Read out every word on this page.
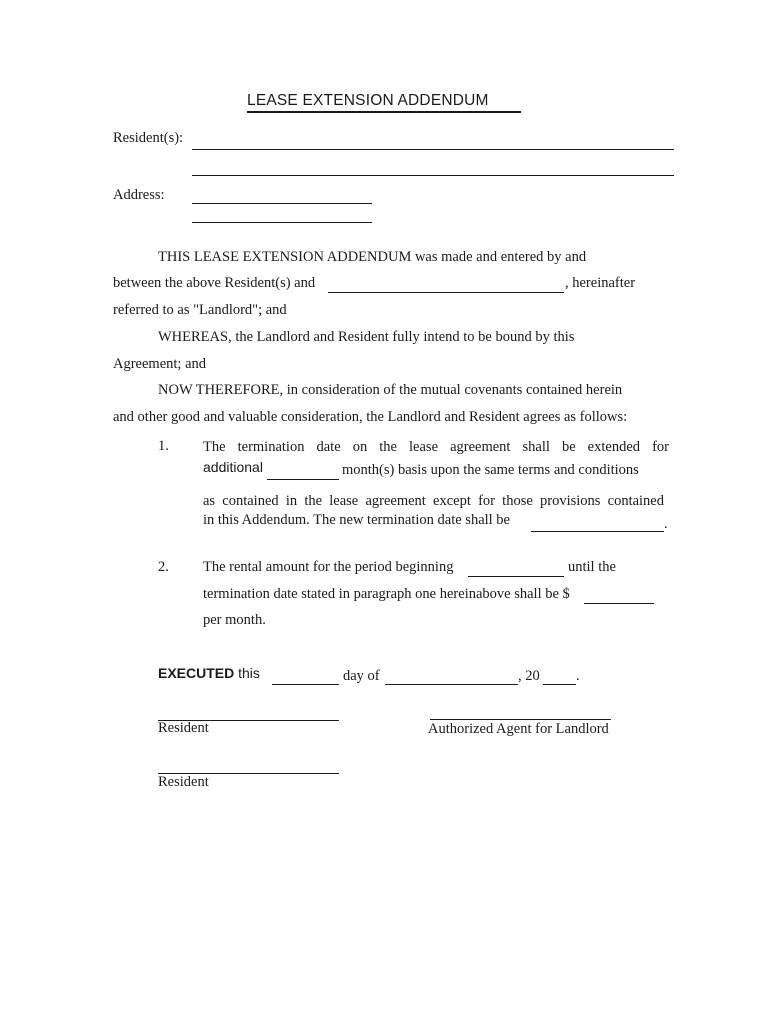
LEASE EXTENSION ADDENDUM
Resident(s):
Address:
THIS LEASE EXTENSION ADDENDUM was made and entered by and
between the above Resident(s) and	, hereinafter
referred to as "Landlord"; and
WHEREAS, the Landlord and Resident fully intend to be bound by this
Agreement; and
NOW THEREFORE, in consideration of the mutual covenants contained herein
and other good and valuable consideration, the Landlord and Resident agrees as follows:
1. The termination date on the lease agreement shall be extended for
additional	month(s) basis upon the same terms and conditions
as contained in the lease agreement except for those provisions contained
in this Addendum. The new termination date shall be	.
2. The rental amount for the period beginning	until the
termination date stated in paragraph one hereinabove shall be $
per month.
EXECUTED this	day of	, 20	.
Resident	Authorized Agent for Landlord
Resident
